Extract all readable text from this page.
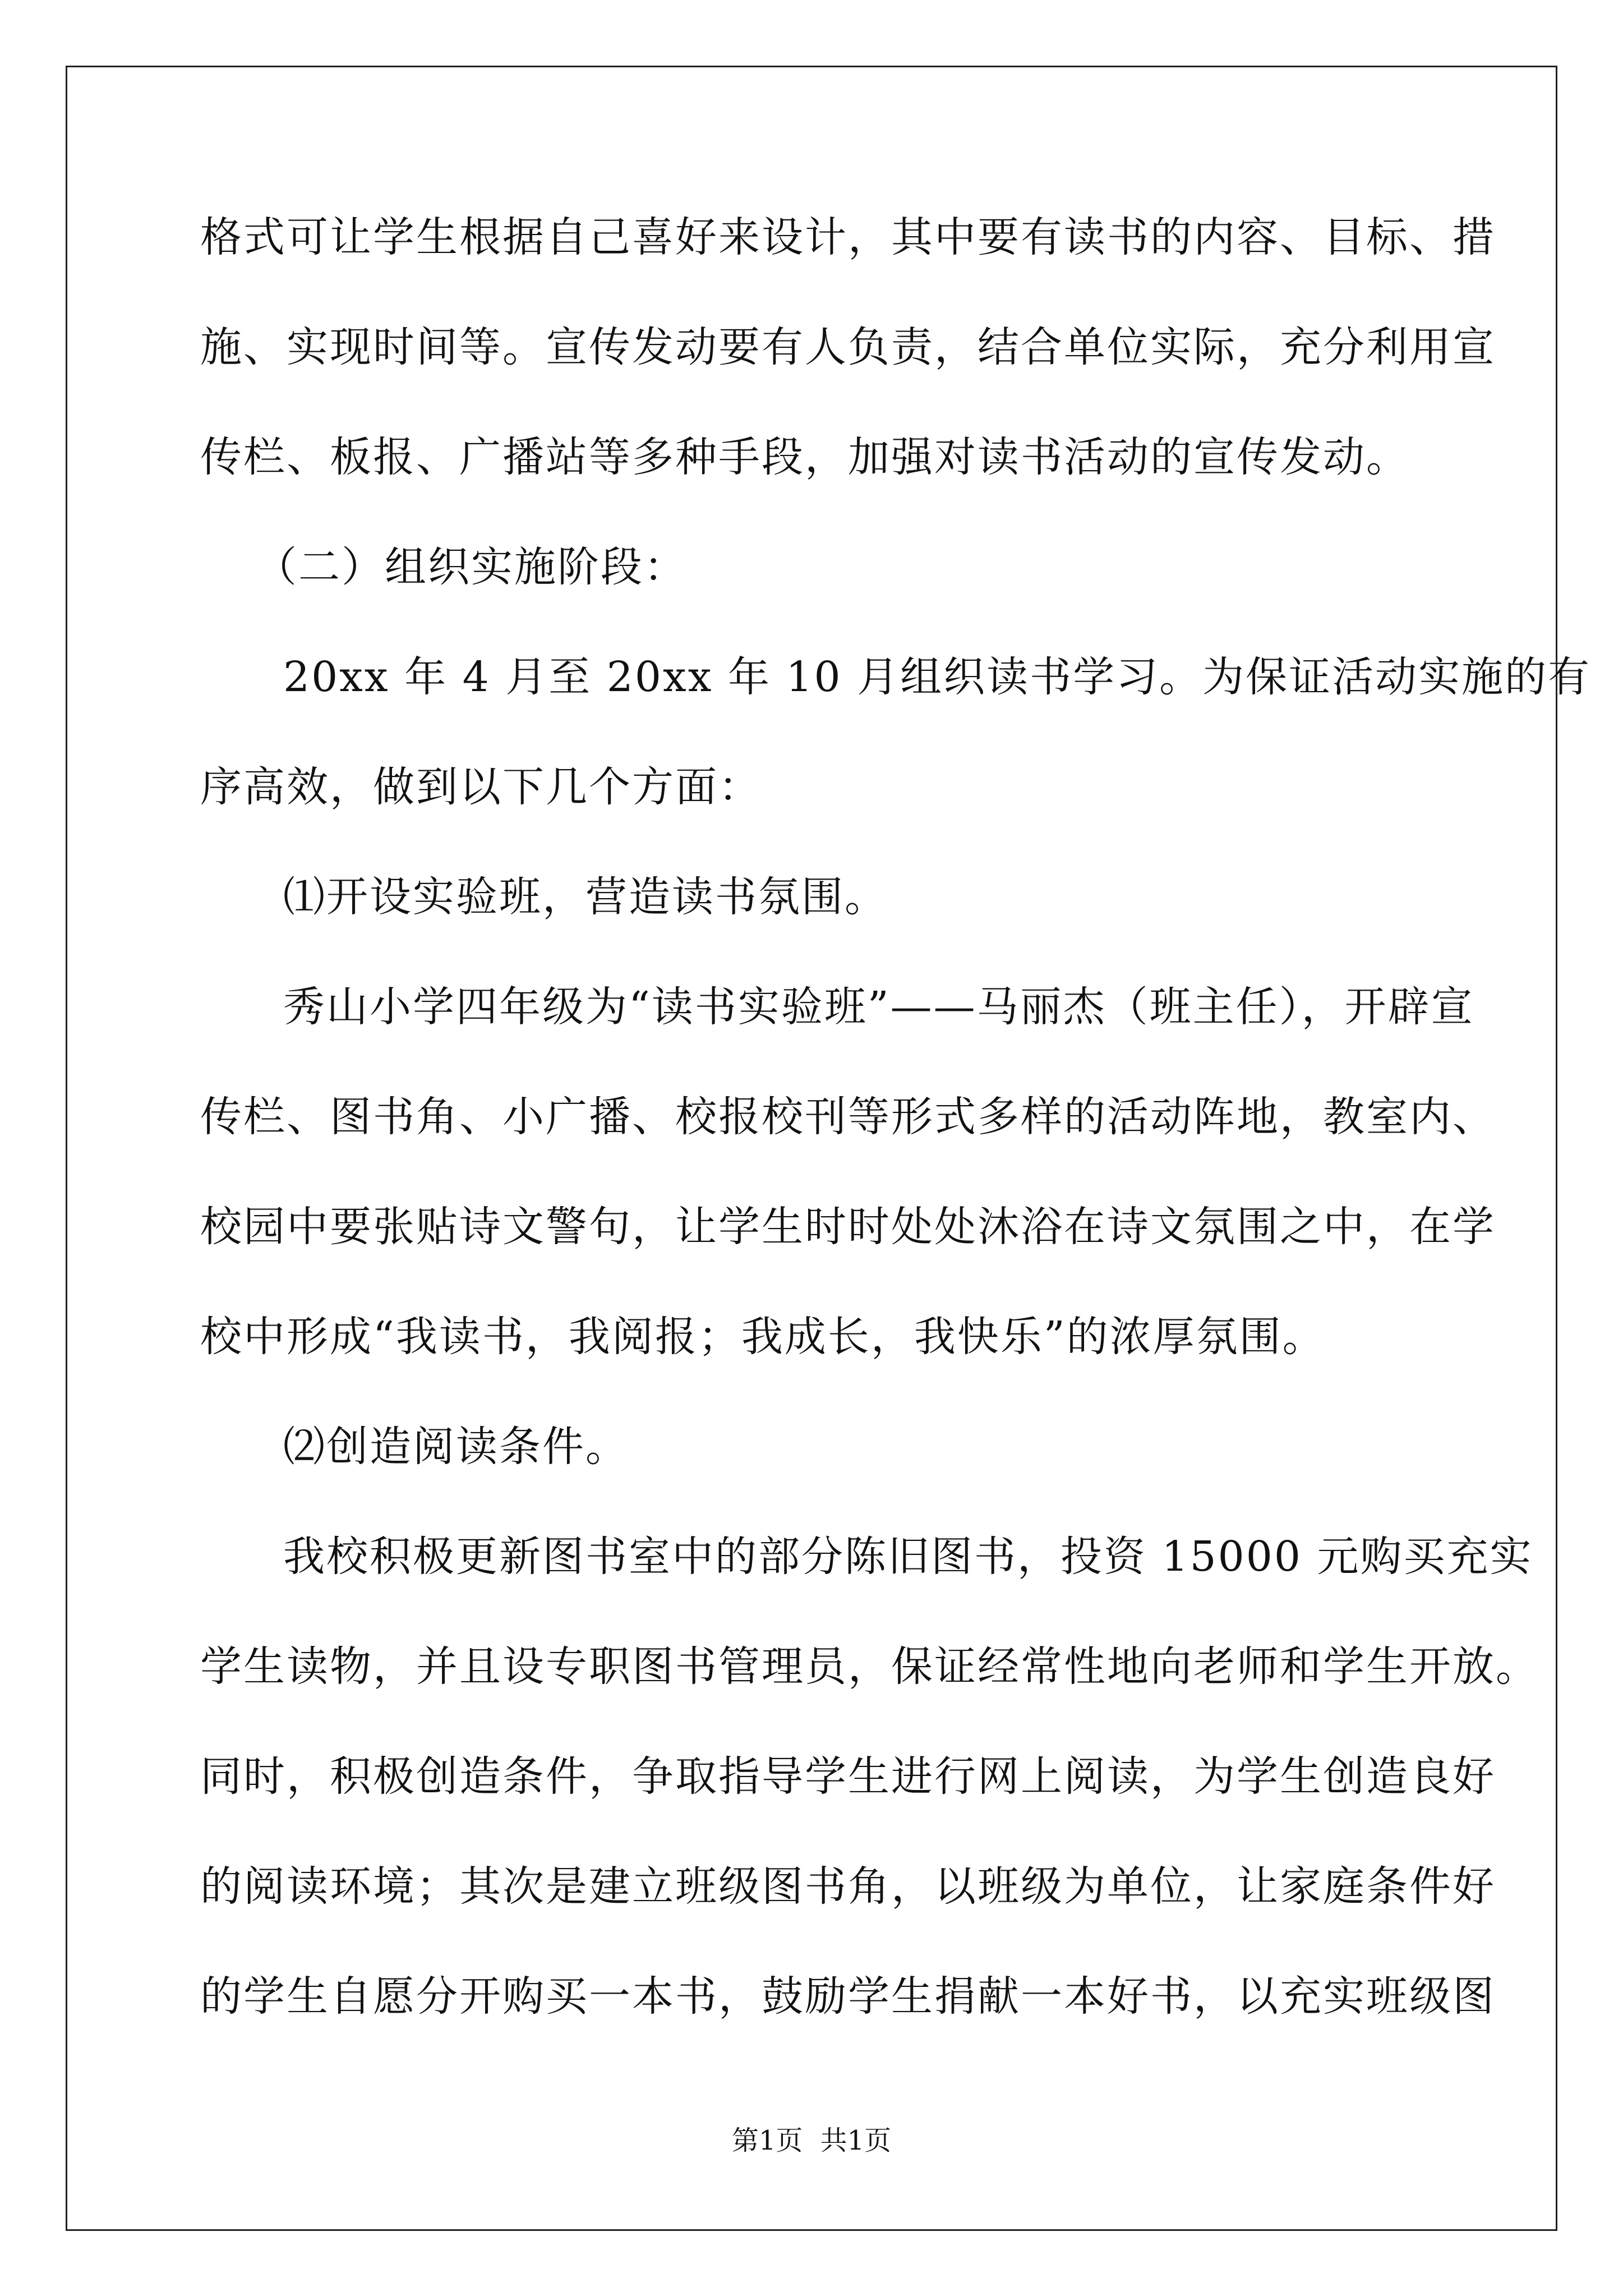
格式可让学生根据自己喜好来设计，其中要有读书的内容、目标、措
施、实现时间等。宣传发动要有人负责，结合单位实际，充分利用宣
传栏、板报、广播站等多种手段，加强对读书活动的宣传发动。
（二）组织实施阶段：
20xx 年 4 月至 20xx 年 10 月组织读书学习。为保证活动实施的有
序高效，做到以下几个方面：
⑴开设实验班，营造读书氛围。
秀山小学四年级为“读书实验班”——马丽杰（班主任），开辟宣
传栏、图书角、小广播、校报校刊等形式多样的活动阵地，教室内、
校园中要张贴诗文警句，让学生时时处处沐浴在诗文氛围之中，在学
校中形成“我读书，我阅报；我成长，我快乐”的浓厚氛围。
⑵创造阅读条件。
我校积极更新图书室中的部分陈旧图书，投资 15000 元购买充实
学生读物，并且设专职图书管理员，保证经常性地向老师和学生开放。
同时，积极创造条件，争取指导学生进行网上阅读，为学生创造良好
的阅读环境；其次是建立班级图书角，以班级为单位，让家庭条件好
的学生自愿分开购买一本书，鼓励学生捐献一本好书，以充实班级图
第1页 共1页
